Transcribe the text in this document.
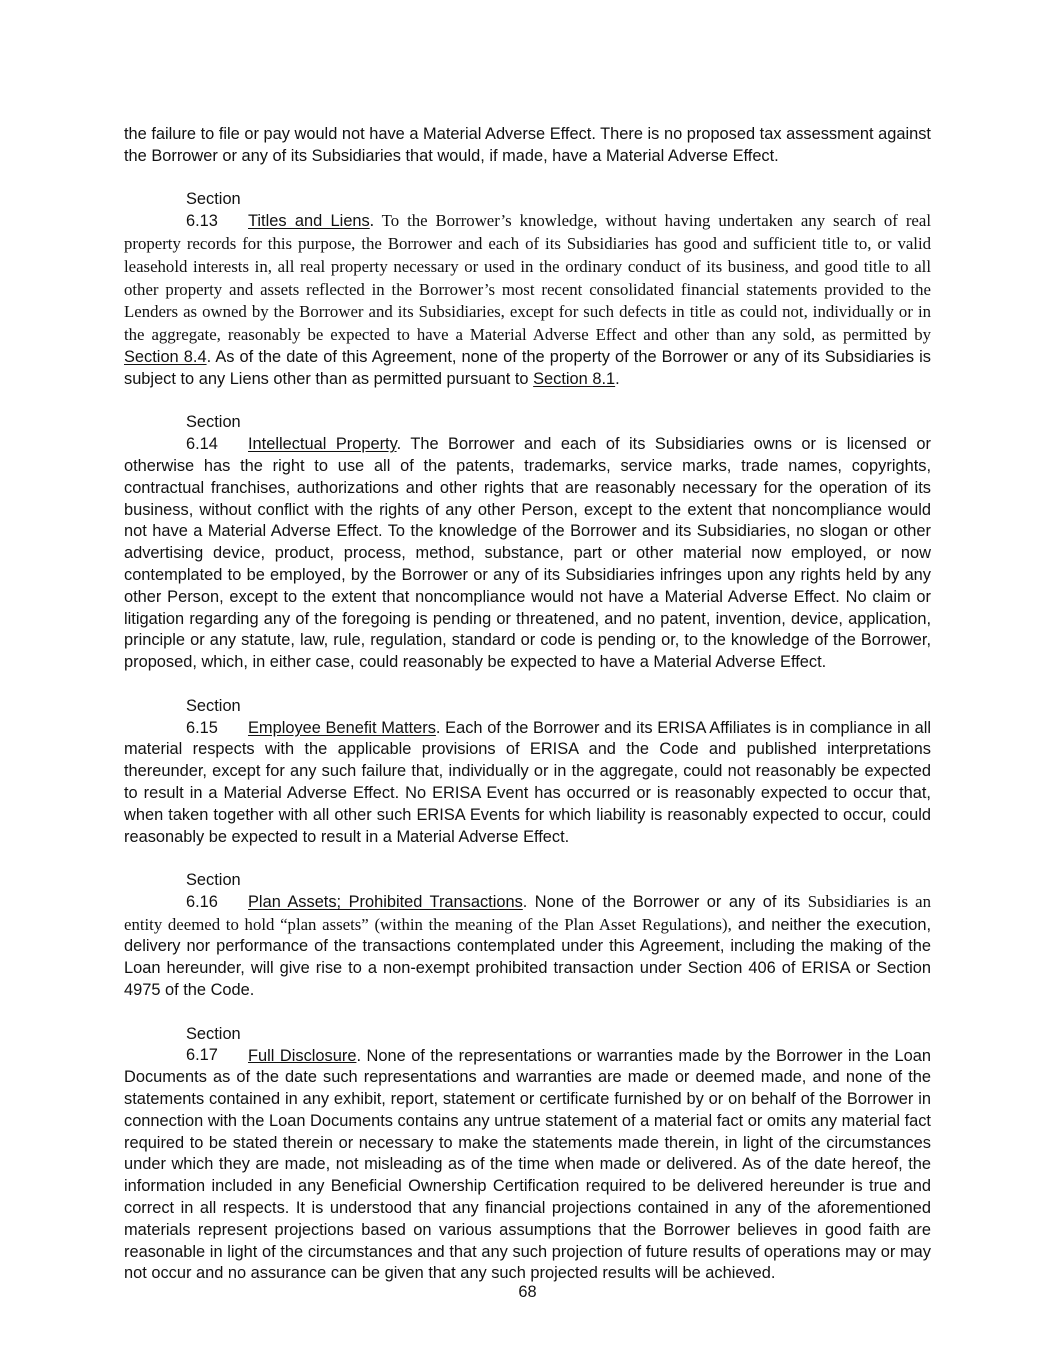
the failure to file or pay would not have a Material Adverse Effect. There is no proposed tax assessment against the Borrower or any of its Subsidiaries that would, if made, have a Material Adverse Effect.

Section 6.13 Titles and Liens. To the Borrower’s knowledge, without having undertaken any search of real property records for this purpose, the Borrower and each of its Subsidiaries has good and sufficient title to, or valid leasehold interests in, all real property necessary or used in the ordinary conduct of its business, and good title to all other property and assets reflected in the Borrower’s most recent consolidated financial statements provided to the Lenders as owned by the Borrower and its Subsidiaries, except for such defects in title as could not, individually or in the aggregate, reasonably be expected to have a Material Adverse Effect and other than any sold, as permitted by Section 8.4. As of the date of this Agreement, none of the property of the Borrower or any of its Subsidiaries is subject to any Liens other than as permitted pursuant to Section 8.1.

Section 6.14 Intellectual Property. The Borrower and each of its Subsidiaries owns or is licensed or otherwise has the right to use all of the patents, trademarks, service marks, trade names, copyrights, contractual franchises, authorizations and other rights that are reasonably necessary for the operation of its business, without conflict with the rights of any other Person, except to the extent that noncompliance would not have a Material Adverse Effect. To the knowledge of the Borrower and its Subsidiaries, no slogan or other advertising device, product, process, method, substance, part or other material now employed, or now contemplated to be employed, by the Borrower or any of its Subsidiaries infringes upon any rights held by any other Person, except to the extent that noncompliance would not have a Material Adverse Effect. No claim or litigation regarding any of the foregoing is pending or threatened, and no patent, invention, device, application, principle or any statute, law, rule, regulation, standard or code is pending or, to the knowledge of the Borrower, proposed, which, in either case, could reasonably be expected to have a Material Adverse Effect.

Section 6.15 Employee Benefit Matters. Each of the Borrower and its ERISA Affiliates is in compliance in all material respects with the applicable provisions of ERISA and the Code and published interpretations thereunder, except for any such failure that, individually or in the aggregate, could not reasonably be expected to result in a Material Adverse Effect. No ERISA Event has occurred or is reasonably expected to occur that, when taken together with all other such ERISA Events for which liability is reasonably expected to occur, could reasonably be expected to result in a Material Adverse Effect.

Section 6.16 Plan Assets; Prohibited Transactions. None of the Borrower or any of its Subsidiaries is an entity deemed to hold “plan assets” (within the meaning of the Plan Asset Regulations), and neither the execution, delivery nor performance of the transactions contemplated under this Agreement, including the making of the Loan hereunder, will give rise to a non-exempt prohibited transaction under Section 406 of ERISA or Section 4975 of the Code.

Section 6.17 Full Disclosure. None of the representations or warranties made by the Borrower in the Loan Documents as of the date such representations and warranties are made or deemed made, and none of the statements contained in any exhibit, report, statement or certificate furnished by or on behalf of the Borrower in connection with the Loan Documents contains any untrue statement of a material fact or omits any material fact required to be stated therein or necessary to make the statements made therein, in light of the circumstances under which they are made, not misleading as of the time when made or delivered. As of the date hereof, the information included in any Beneficial Ownership Certification required to be delivered hereunder is true and correct in all respects. It is understood that any financial projections contained in any of the aforementioned materials represent projections based on various assumptions that the Borrower believes in good faith are reasonable in light of the circumstances and that any such projection of future results of operations may or may not occur and no assurance can be given that any such projected results will be achieved.

68
